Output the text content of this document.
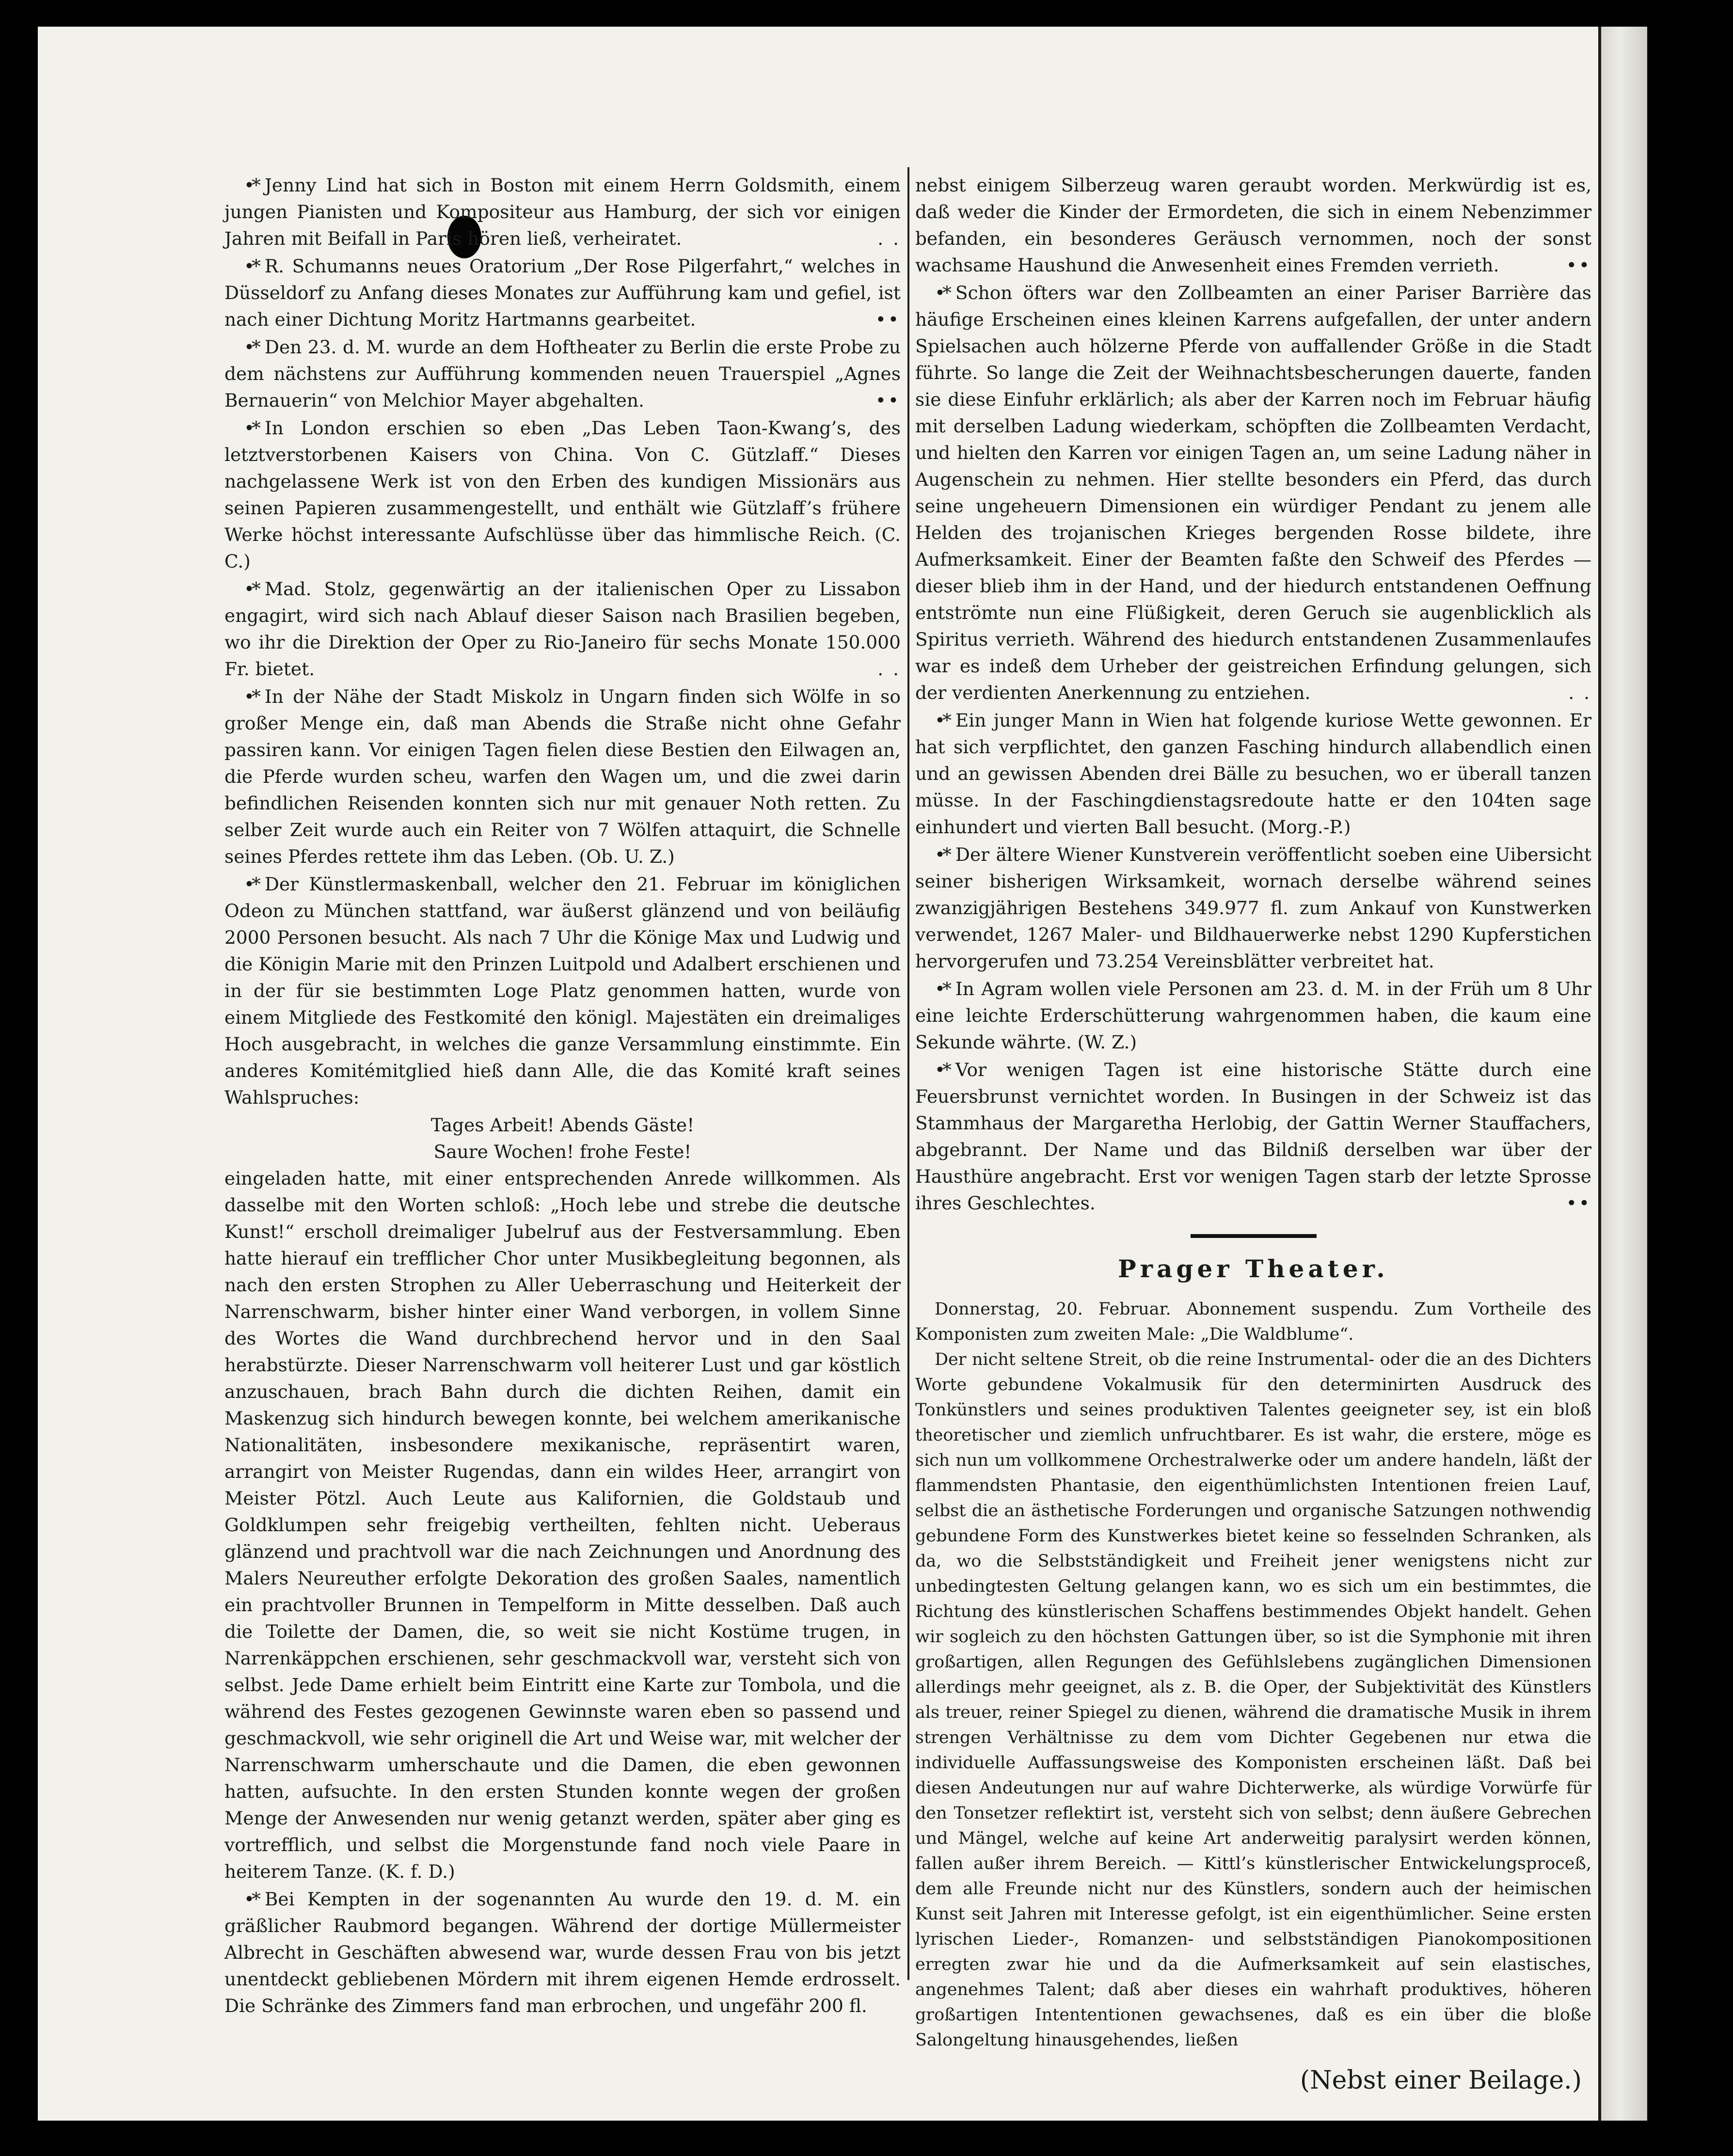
•* Jenny Lind hat sich in Boston mit einem Herrn Goldsmith, einem jungen Pianisten und Kompositeur aus Hamburg, der sich vor einigen Jahren mit Beifall in Paris hören ließ, verheiratet.	. .

•* R. Schumanns neues Oratorium „Der Rose Pilgerfahrt,“ welches in Düsseldorf zu Anfang dieses Monates zur Aufführung kam und gefiel, ist nach einer Dichtung Moritz Hartmanns gearbeitet.	••

•* Den 23. d. M. wurde an dem Hoftheater zu Berlin die erste Probe zu dem nächstens zur Aufführung kommenden neuen Trauerspiel „Agnes Bernauerin“ von Melchior Mayer abgehalten.	••

•* In London erschien so eben „Das Leben Taon-Kwang’s, des letztverstorbenen Kaisers von China. Von C. Gützlaff.“ Dieses nachgelassene Werk ist von den Erben des kundigen Missionärs aus seinen Papieren zusammengestellt, und enthält wie Gützlaff’s frühere Werke höchst interessante Aufschlüsse über das himmlische Reich. (C. C.)

•* Mad. Stolz, gegenwärtig an der italienischen Oper zu Lissabon engagirt, wird sich nach Ablauf dieser Saison nach Brasilien begeben, wo ihr die Direktion der Oper zu Rio-Janeiro für sechs Monate 150.000 Fr. bietet.	. .

•* In der Nähe der Stadt Miskolz in Ungarn finden sich Wölfe in so großer Menge ein, daß man Abends die Straße nicht ohne Gefahr passiren kann. Vor einigen Tagen fielen diese Bestien den Eilwagen an, die Pferde wurden scheu, warfen den Wagen um, und die zwei darin befindlichen Reisenden konnten sich nur mit genauer Noth retten. Zu selber Zeit wurde auch ein Reiter von 7 Wölfen attaquirt, die Schnelle seines Pferdes rettete ihm das Leben. (Ob. U. Z.)

•* Der Künstlermaskenball, welcher den 21. Februar im königlichen Odeon zu München stattfand, war äußerst glänzend und von beiläufig 2000 Personen besucht. Als nach 7 Uhr die Könige Max und Ludwig und die Königin Marie mit den Prinzen Luitpold und Adalbert erschienen und in der für sie bestimmten Loge Platz genommen hatten, wurde von einem Mitgliede des Festkomité den königl. Majestäten ein dreimaliges Hoch ausgebracht, in welches die ganze Versammlung einstimmte. Ein anderes Komitémitglied hieß dann Alle, die das Komité kraft seines Wahlspruches:

Tages Arbeit! Abends Gäste!

Saure Wochen! frohe Feste!

eingeladen hatte, mit einer entsprechenden Anrede willkommen. Als dasselbe mit den Worten schloß: „Hoch lebe und strebe die deutsche Kunst!“ erscholl dreimaliger Jubelruf aus der Festversammlung. Eben hatte hierauf ein trefflicher Chor unter Musikbegleitung begonnen, als nach den ersten Strophen zu Aller Ueberraschung und Heiterkeit der Narrenschwarm, bisher hinter einer Wand verborgen, in vollem Sinne des Wortes die Wand durchbrechend hervor und in den Saal herabstürzte. Dieser Narrenschwarm voll heiterer Lust und gar köstlich anzuschauen, brach Bahn durch die dichten Reihen, damit ein Maskenzug sich hindurch bewegen konnte, bei welchem amerikanische Nationalitäten, insbesondere mexikanische, repräsentirt waren, arrangirt von Meister Rugendas, dann ein wildes Heer, arrangirt von Meister Pötzl. Auch Leute aus Kalifornien, die Goldstaub und Goldklumpen sehr freigebig vertheilten, fehlten nicht. Ueberaus glänzend und prachtvoll war die nach Zeichnungen und Anordnung des Malers Neureuther erfolgte Dekoration des großen Saales, namentlich ein prachtvoller Brunnen in Tempelform in Mitte desselben. Daß auch die Toilette der Damen, die, so weit sie nicht Kostüme trugen, in Narrenkäppchen erschienen, sehr geschmackvoll war, versteht sich von selbst. Jede Dame erhielt beim Eintritt eine Karte zur Tombola, und die während des Festes gezogenen Gewinnste waren eben so passend und geschmackvoll, wie sehr originell die Art und Weise war, mit welcher der Narrenschwarm umherschaute und die Damen, die eben gewonnen hatten, aufsuchte. In den ersten Stunden konnte wegen der großen Menge der Anwesenden nur wenig getanzt werden, später aber ging es vortrefflich, und selbst die Morgenstunde fand noch viele Paare in heiterem Tanze. (K. f. D.)

•* Bei Kempten in der sogenannten Au wurde den 19. d. M. ein gräßlicher Raubmord begangen. Während der dortige Müllermeister Albrecht in Geschäften abwesend war, wurde dessen Frau von bis jetzt unentdeckt gebliebenen Mördern mit ihrem eigenen Hemde erdrosselt. Die Schränke des Zimmers fand man erbrochen, und ungefähr 200 fl.

nebst einigem Silberzeug waren geraubt worden. Merkwürdig ist es, daß weder die Kinder der Ermordeten, die sich in einem Nebenzimmer befanden, ein besonderes Geräusch vernommen, noch der sonst wachsame Haushund die Anwesenheit eines Fremden verrieth.	••

•* Schon öfters war den Zollbeamten an einer Pariser Barrière das häufige Erscheinen eines kleinen Karrens aufgefallen, der unter andern Spielsachen auch hölzerne Pferde von auffallender Größe in die Stadt führte. So lange die Zeit der Weihnachtsbescherungen dauerte, fanden sie diese Einfuhr erklärlich; als aber der Karren noch im Februar häufig mit derselben Ladung wiederkam, schöpften die Zollbeamten Verdacht, und hielten den Karren vor einigen Tagen an, um seine Ladung näher in Augenschein zu nehmen. Hier stellte besonders ein Pferd, das durch seine ungeheuern Dimensionen ein würdiger Pendant zu jenem alle Helden des trojanischen Krieges bergenden Rosse bildete, ihre Aufmerksamkeit. Einer der Beamten faßte den Schweif des Pferdes — dieser blieb ihm in der Hand, und der hiedurch entstandenen Oeffnung entströmte nun eine Flüßigkeit, deren Geruch sie augenblicklich als Spiritus verrieth. Während des hiedurch entstandenen Zusammenlaufes war es indeß dem Urheber der geistreichen Erfindung gelungen, sich der verdienten Anerkennung zu entziehen.	. .

•* Ein junger Mann in Wien hat folgende kuriose Wette gewonnen. Er hat sich verpflichtet, den ganzen Fasching hindurch allabendlich einen und an gewissen Abenden drei Bälle zu besuchen, wo er überall tanzen müsse. In der Faschingdienstagsredoute hatte er den 104ten sage einhundert und vierten Ball besucht. (Morg.-P.)

•* Der ältere Wiener Kunstverein veröffentlicht soeben eine Uibersicht seiner bisherigen Wirksamkeit, wornach derselbe während seines zwanzigjährigen Bestehens 349.977 fl. zum Ankauf von Kunstwerken verwendet, 1267 Maler- und Bildhauerwerke nebst 1290 Kupferstichen hervorgerufen und 73.254 Vereinsblätter verbreitet hat.

•* In Agram wollen viele Personen am 23. d. M. in der Früh um 8 Uhr eine leichte Erderschütterung wahrgenommen haben, die kaum eine Sekunde währte. (W. Z.)

•* Vor wenigen Tagen ist eine historische Stätte durch eine Feuersbrunst vernichtet worden. In Busingen in der Schweiz ist das Stammhaus der Margaretha Herlobig, der Gattin Werner Stauffachers, abgebrannt. Der Name und das Bildniß derselben war über der Hausthüre angebracht. Erst vor wenigen Tagen starb der letzte Sprosse ihres Geschlechtes.	••

Prager Theater.

Donnerstag, 20. Februar. Abonnement suspendu. Zum Vortheile des Komponisten zum zweiten Male: „Die Waldblume“.

Der nicht seltene Streit, ob die reine Instrumental- oder die an des Dichters Worte gebundene Vokalmusik für den determinirten Ausdruck des Tonkünstlers und seines produktiven Talentes geeigneter sey, ist ein bloß theoretischer und ziemlich unfruchtbarer. Es ist wahr, die erstere, möge es sich nun um vollkommene Orchestralwerke oder um andere handeln, läßt der flammendsten Phantasie, den eigenthümlichsten Intentionen freien Lauf, selbst die an ästhetische Forderungen und organische Satzungen nothwendig gebundene Form des Kunstwerkes bietet keine so fesselnden Schranken, als da, wo die Selbstständigkeit und Freiheit jener wenigstens nicht zur unbedingtesten Geltung gelangen kann, wo es sich um ein bestimmtes, die Richtung des künstlerischen Schaffens bestimmendes Objekt handelt. Gehen wir sogleich zu den höchsten Gattungen über, so ist die Symphonie mit ihren großartigen, allen Regungen des Gefühlslebens zugänglichen Dimensionen allerdings mehr geeignet, als z. B. die Oper, der Subjektivität des Künstlers als treuer, reiner Spiegel zu dienen, während die dramatische Musik in ihrem strengen Verhältnisse zu dem vom Dichter Gegebenen nur etwa die individuelle Auffassungsweise des Komponisten erscheinen läßt. Daß bei diesen Andeutungen nur auf wahre Dichterwerke, als würdige Vorwürfe für den Tonsetzer reflektirt ist, versteht sich von selbst; denn äußere Gebrechen und Mängel, welche auf keine Art anderweitig paralysirt werden können, fallen außer ihrem Bereich. — Kittl’s künstlerischer Entwickelungsproceß, dem alle Freunde nicht nur des Künstlers, sondern auch der heimischen Kunst seit Jahren mit Interesse gefolgt, ist ein eigenthümlicher. Seine ersten lyrischen Lieder-, Romanzen- und selbstständigen Pianokompositionen erregten zwar hie und da die Aufmerksamkeit auf sein elastisches, angenehmes Talent; daß aber dieses ein wahrhaft produktives, höheren großartigen Intententionen gewachsenes, daß es ein über die bloße Salongeltung hinausgehendes, ließen

(Nebst einer Beilage.)
